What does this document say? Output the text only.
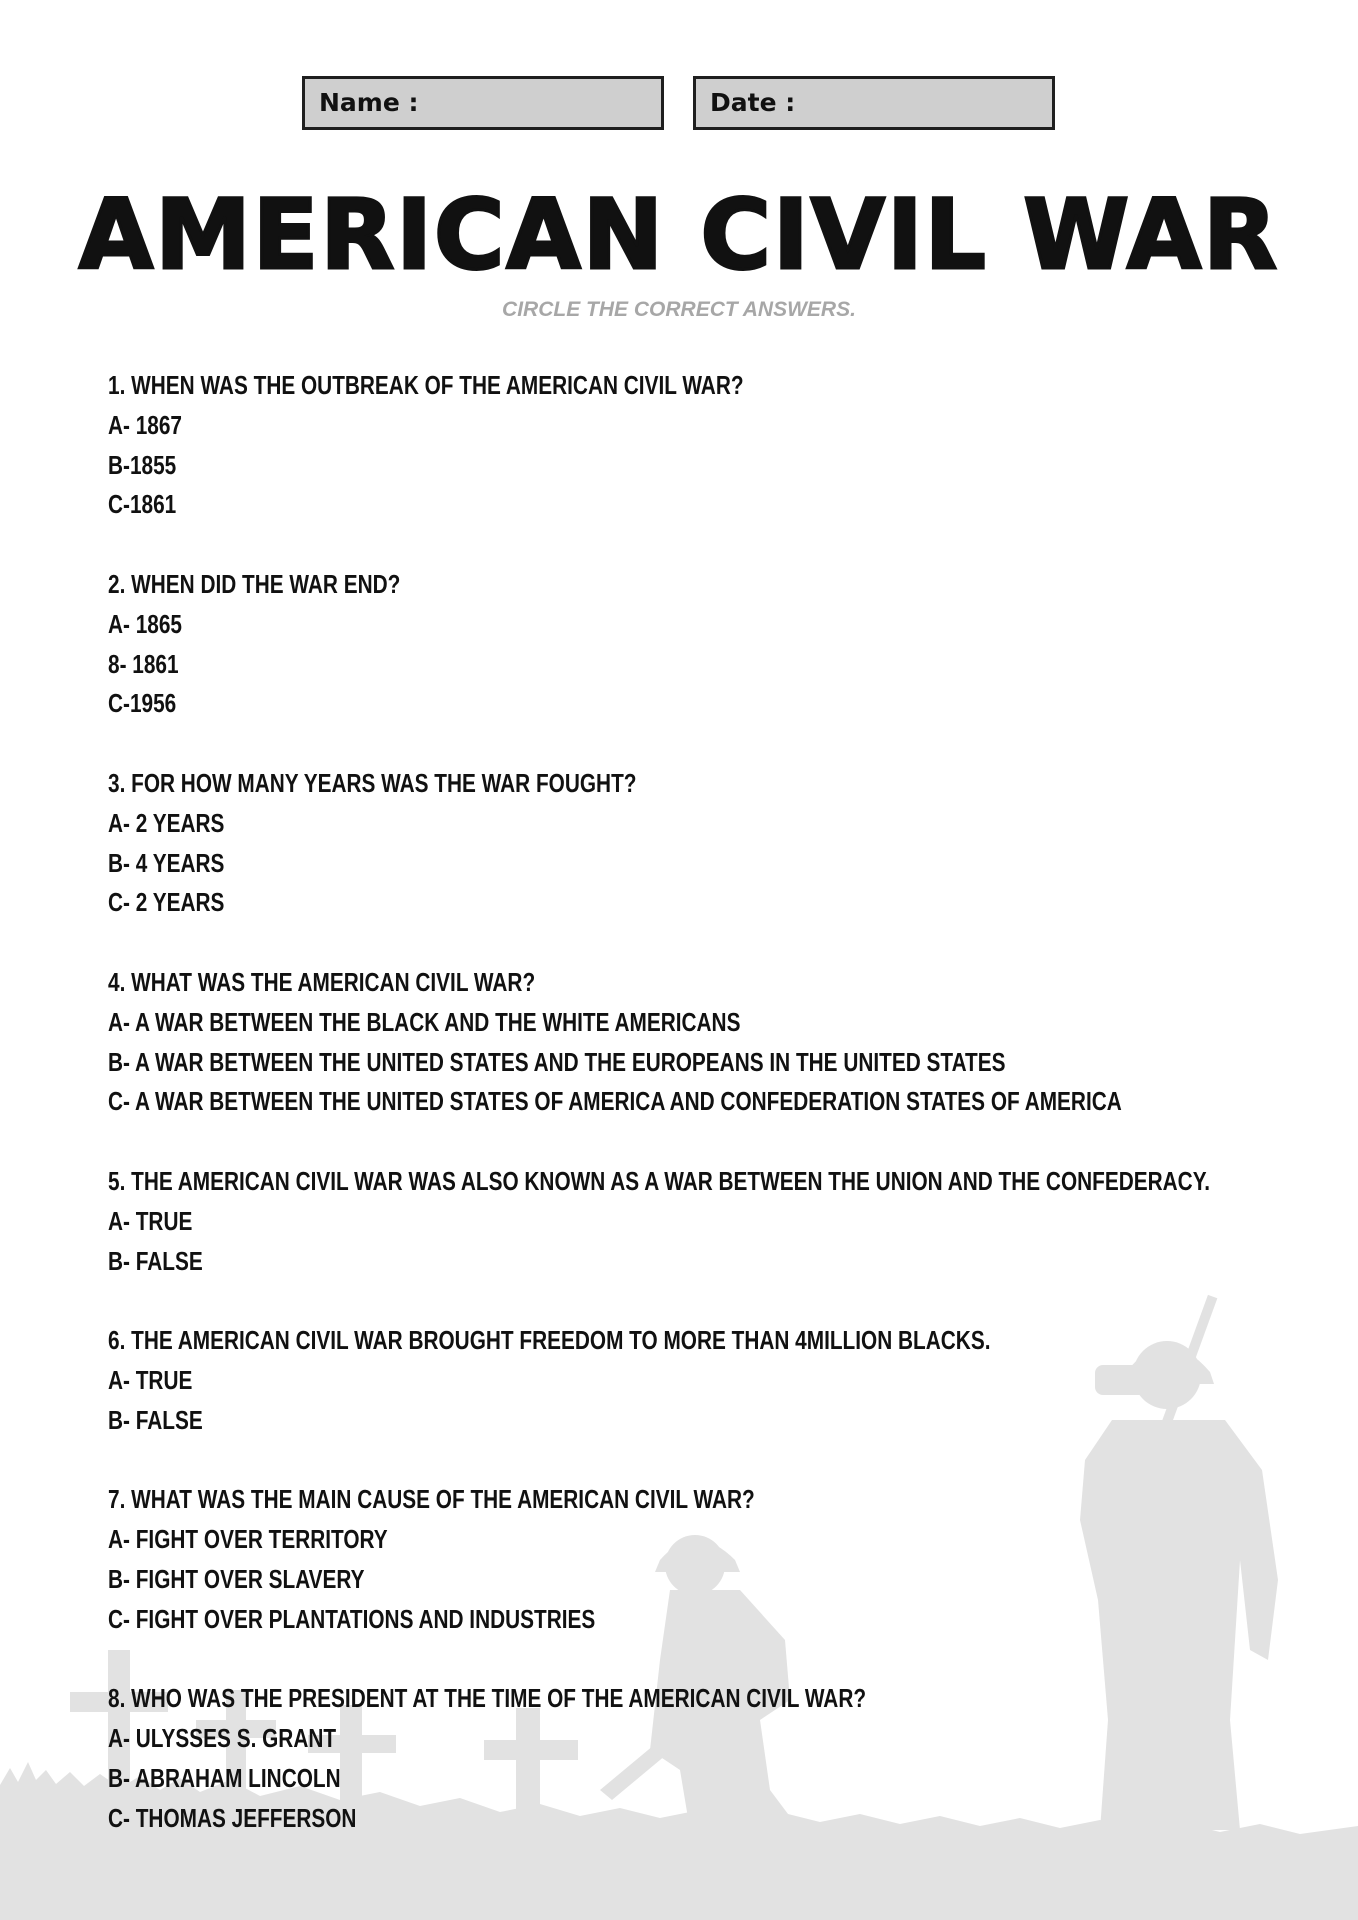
Name :	Date :
AMERICAN CIVIL WAR
CIRCLE THE CORRECT ANSWERS.
1. WHEN WAS THE OUTBREAK OF THE AMERICAN CIVIL WAR?
A- 1867
B-1855
C-1861
2. WHEN DID THE WAR END?
A- 1865
8- 1861
C-1956
3. FOR HOW MANY YEARS WAS THE WAR FOUGHT?
A- 2 YEARS
B- 4 YEARS
C- 2 YEARS
4. WHAT WAS THE AMERICAN CIVIL WAR?
A- A WAR BETWEEN THE BLACK AND THE WHITE AMERICANS
B- A WAR BETWEEN THE UNITED STATES AND THE EUROPEANS IN THE UNITED STATES
C- A WAR BETWEEN THE UNITED STATES OF AMERICA AND CONFEDERATION STATES OF AMERICA
5. THE AMERICAN CIVIL WAR WAS ALSO KNOWN AS A WAR BETWEEN THE UNION AND THE CONFEDERACY.
A- TRUE
B- FALSE
6. THE AMERICAN CIVIL WAR BROUGHT FREEDOM TO MORE THAN 4MILLION BLACKS.
A- TRUE
B- FALSE
7. WHAT WAS THE MAIN CAUSE OF THE AMERICAN CIVIL WAR?
A- FIGHT OVER TERRITORY
B- FIGHT OVER SLAVERY
C- FIGHT OVER PLANTATIONS AND INDUSTRIES
8. WHO WAS THE PRESIDENT AT THE TIME OF THE AMERICAN CIVIL WAR?
A- ULYSSES S. GRANT
B- ABRAHAM LINCOLN
C- THOMAS JEFFERSON
